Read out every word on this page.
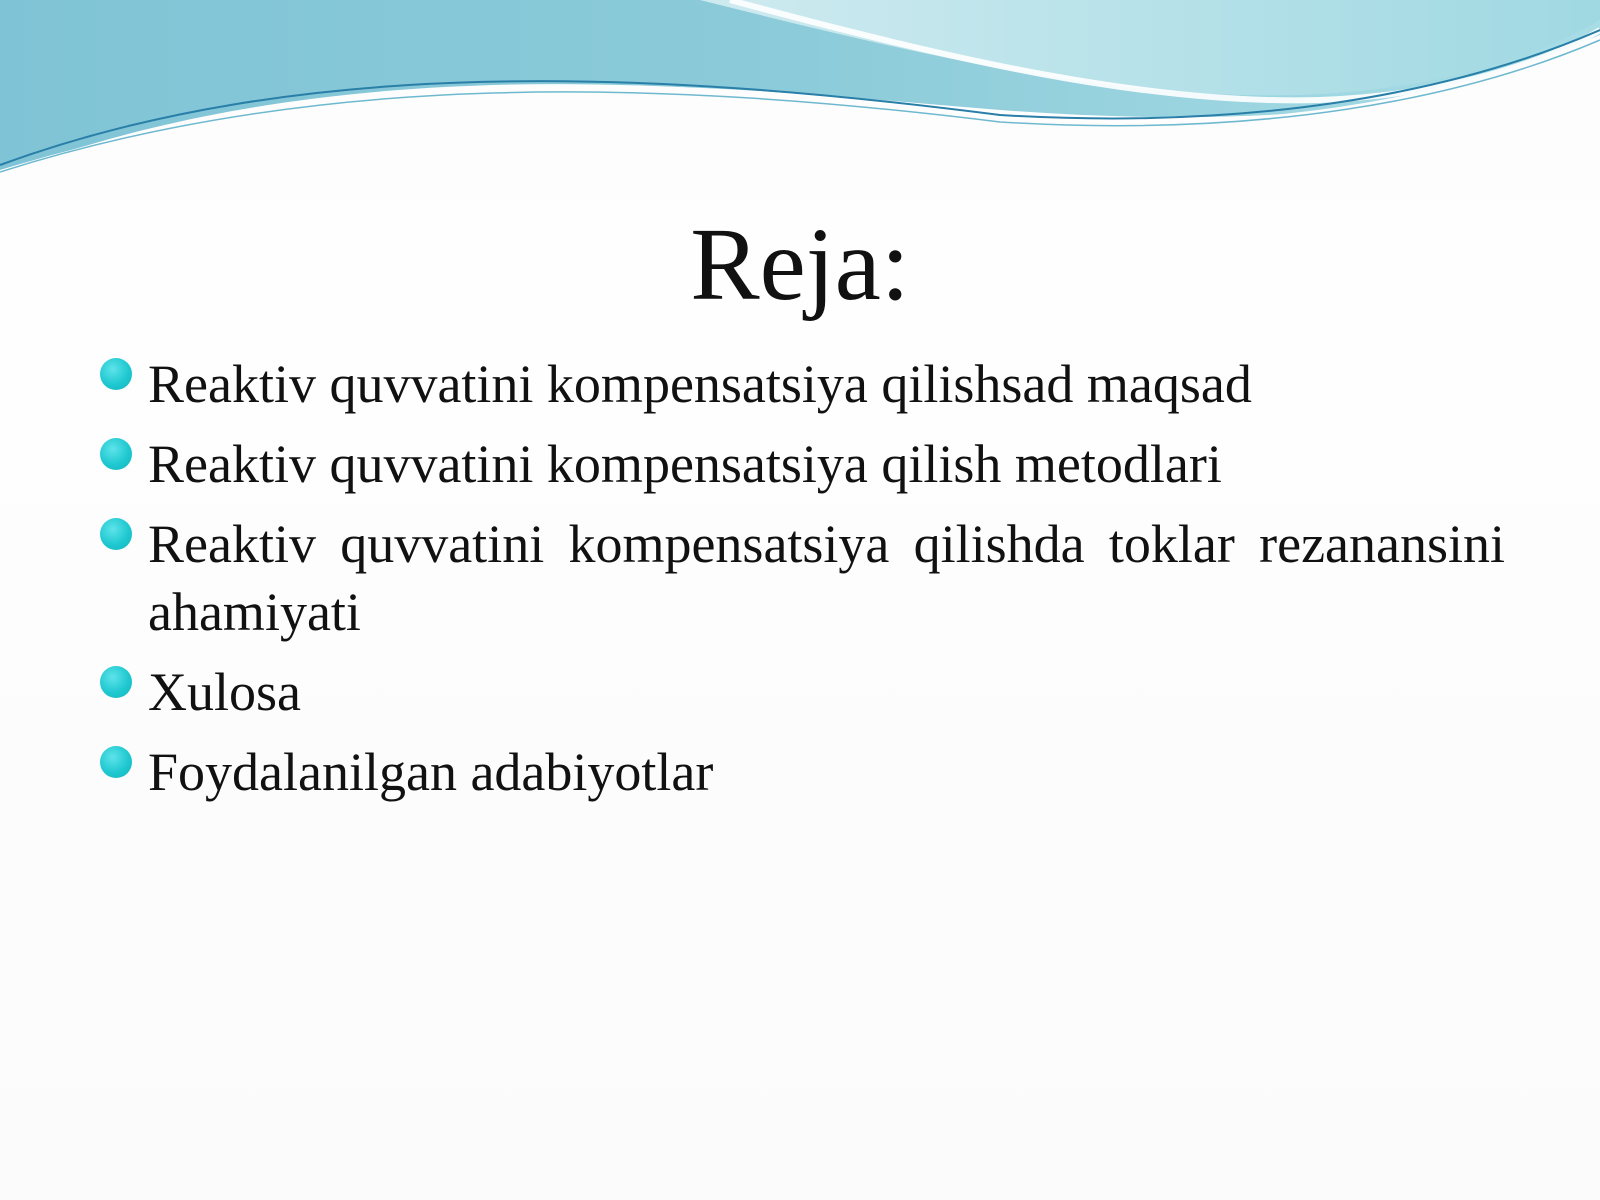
Reja:
Reaktiv quvvatini kompensatsiya qilishsad maqsad
Reaktiv quvvatini kompensatsiya qilish metodlari
Reaktiv quvvatini kompensatsiya qilishda toklar rezanansini ahamiyati
Xulosa
Foydalanilgan adabiyotlar
